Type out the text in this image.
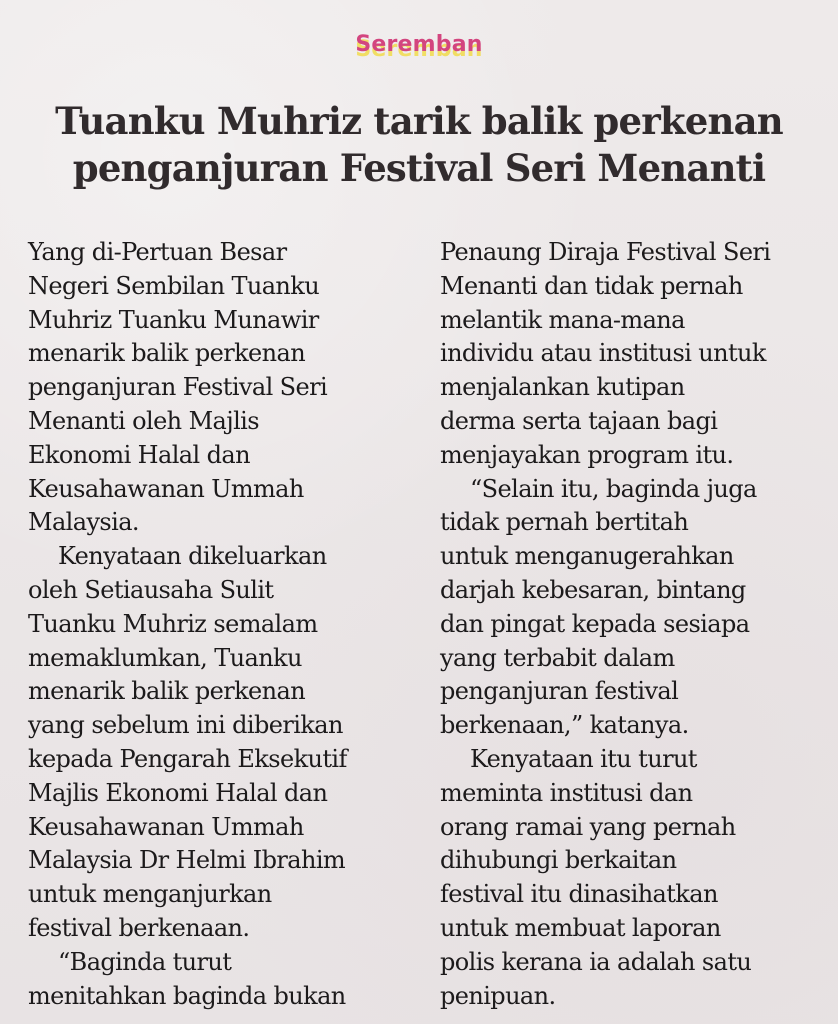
Seremban
Tuanku Muhriz tarik balik perkenan
penganjuran Festival Seri Menanti
Yang di-Pertuan Besar
Negeri Sembilan Tuanku
Muhriz Tuanku Munawir
menarik balik perkenan
penganjuran Festival Seri
Menanti oleh Majlis
Ekonomi Halal dan
Keusahawanan Ummah
Malaysia.
Kenyataan dikeluarkan
oleh Setiausaha Sulit
Tuanku Muhriz semalam
memaklumkan, Tuanku
menarik balik perkenan
yang sebelum ini diberikan
kepada Pengarah Eksekutif
Majlis Ekonomi Halal dan
Keusahawanan Ummah
Malaysia Dr Helmi Ibrahim
untuk menganjurkan
festival berkenaan.
“Baginda turut
menitahkan baginda bukan
Penaung Diraja Festival Seri
Menanti dan tidak pernah
melantik mana-mana
individu atau institusi untuk
menjalankan kutipan
derma serta tajaan bagi
menjayakan program itu.
“Selain itu, baginda juga
tidak pernah bertitah
untuk menganugerahkan
darjah kebesaran, bintang
dan pingat kepada sesiapa
yang terbabit dalam
penganjuran festival
berkenaan,” katanya.
Kenyataan itu turut
meminta institusi dan
orang ramai yang pernah
dihubungi berkaitan
festival itu dinasihatkan
untuk membuat laporan
polis kerana ia adalah satu
penipuan.
